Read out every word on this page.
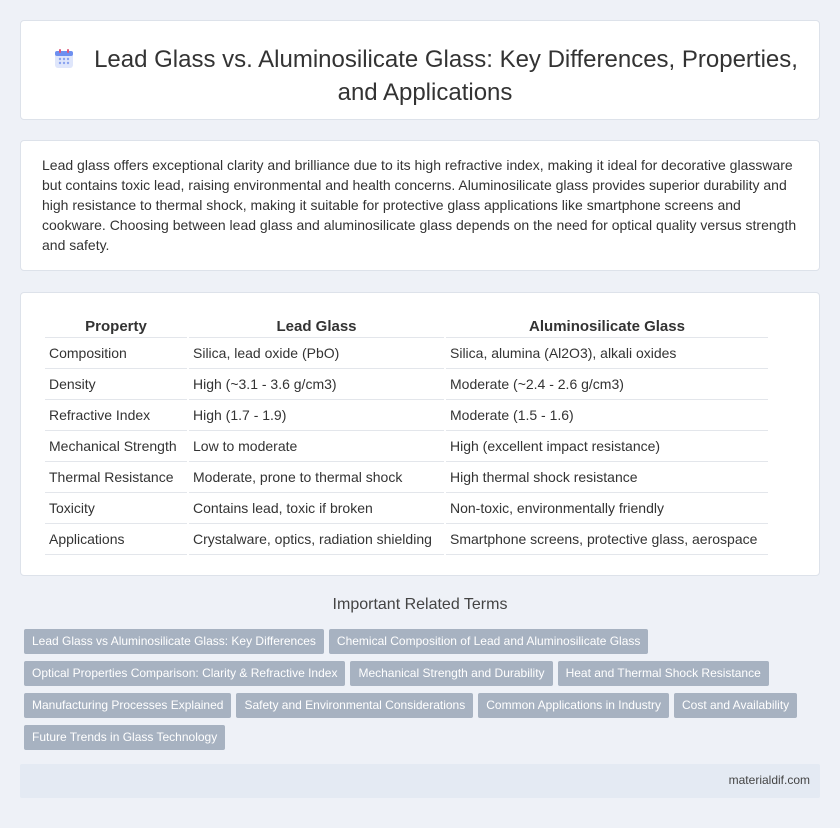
Lead Glass vs. Aluminosilicate Glass: Key Differences, Properties, and Applications

Lead glass offers exceptional clarity and brilliance due to its high refractive index, making it ideal for decorative glassware but contains toxic lead, raising environmental and health concerns. Aluminosilicate glass provides superior durability and high resistance to thermal shock, making it suitable for protective glass applications like smartphone screens and cookware. Choosing between lead glass and aluminosilicate glass depends on the need for optical quality versus strength and safety.

Property	Lead Glass	Aluminosilicate Glass
Composition	Silica, lead oxide (PbO)	Silica, alumina (Al2O3), alkali oxides
Density	High (~3.1 - 3.6 g/cm3)	Moderate (~2.4 - 2.6 g/cm3)
Refractive Index	High (1.7 - 1.9)	Moderate (1.5 - 1.6)
Mechanical Strength	Low to moderate	High (excellent impact resistance)
Thermal Resistance	Moderate, prone to thermal shock	High thermal shock resistance
Toxicity	Contains lead, toxic if broken	Non-toxic, environmentally friendly
Applications	Crystalware, optics, radiation shielding	Smartphone screens, protective glass, aerospace
Important Related Terms
Lead Glass vs Aluminosilicate Glass: Key Differences Chemical Composition of Lead and Aluminosilicate Glass
Optical Properties Comparison: Clarity & Refractive Index Mechanical Strength and Durability Heat and Thermal Shock Resistance
Manufacturing Processes Explained Safety and Environmental Considerations Common Applications in Industry Cost and Availability
Future Trends in Glass Technology
materialdif.com
